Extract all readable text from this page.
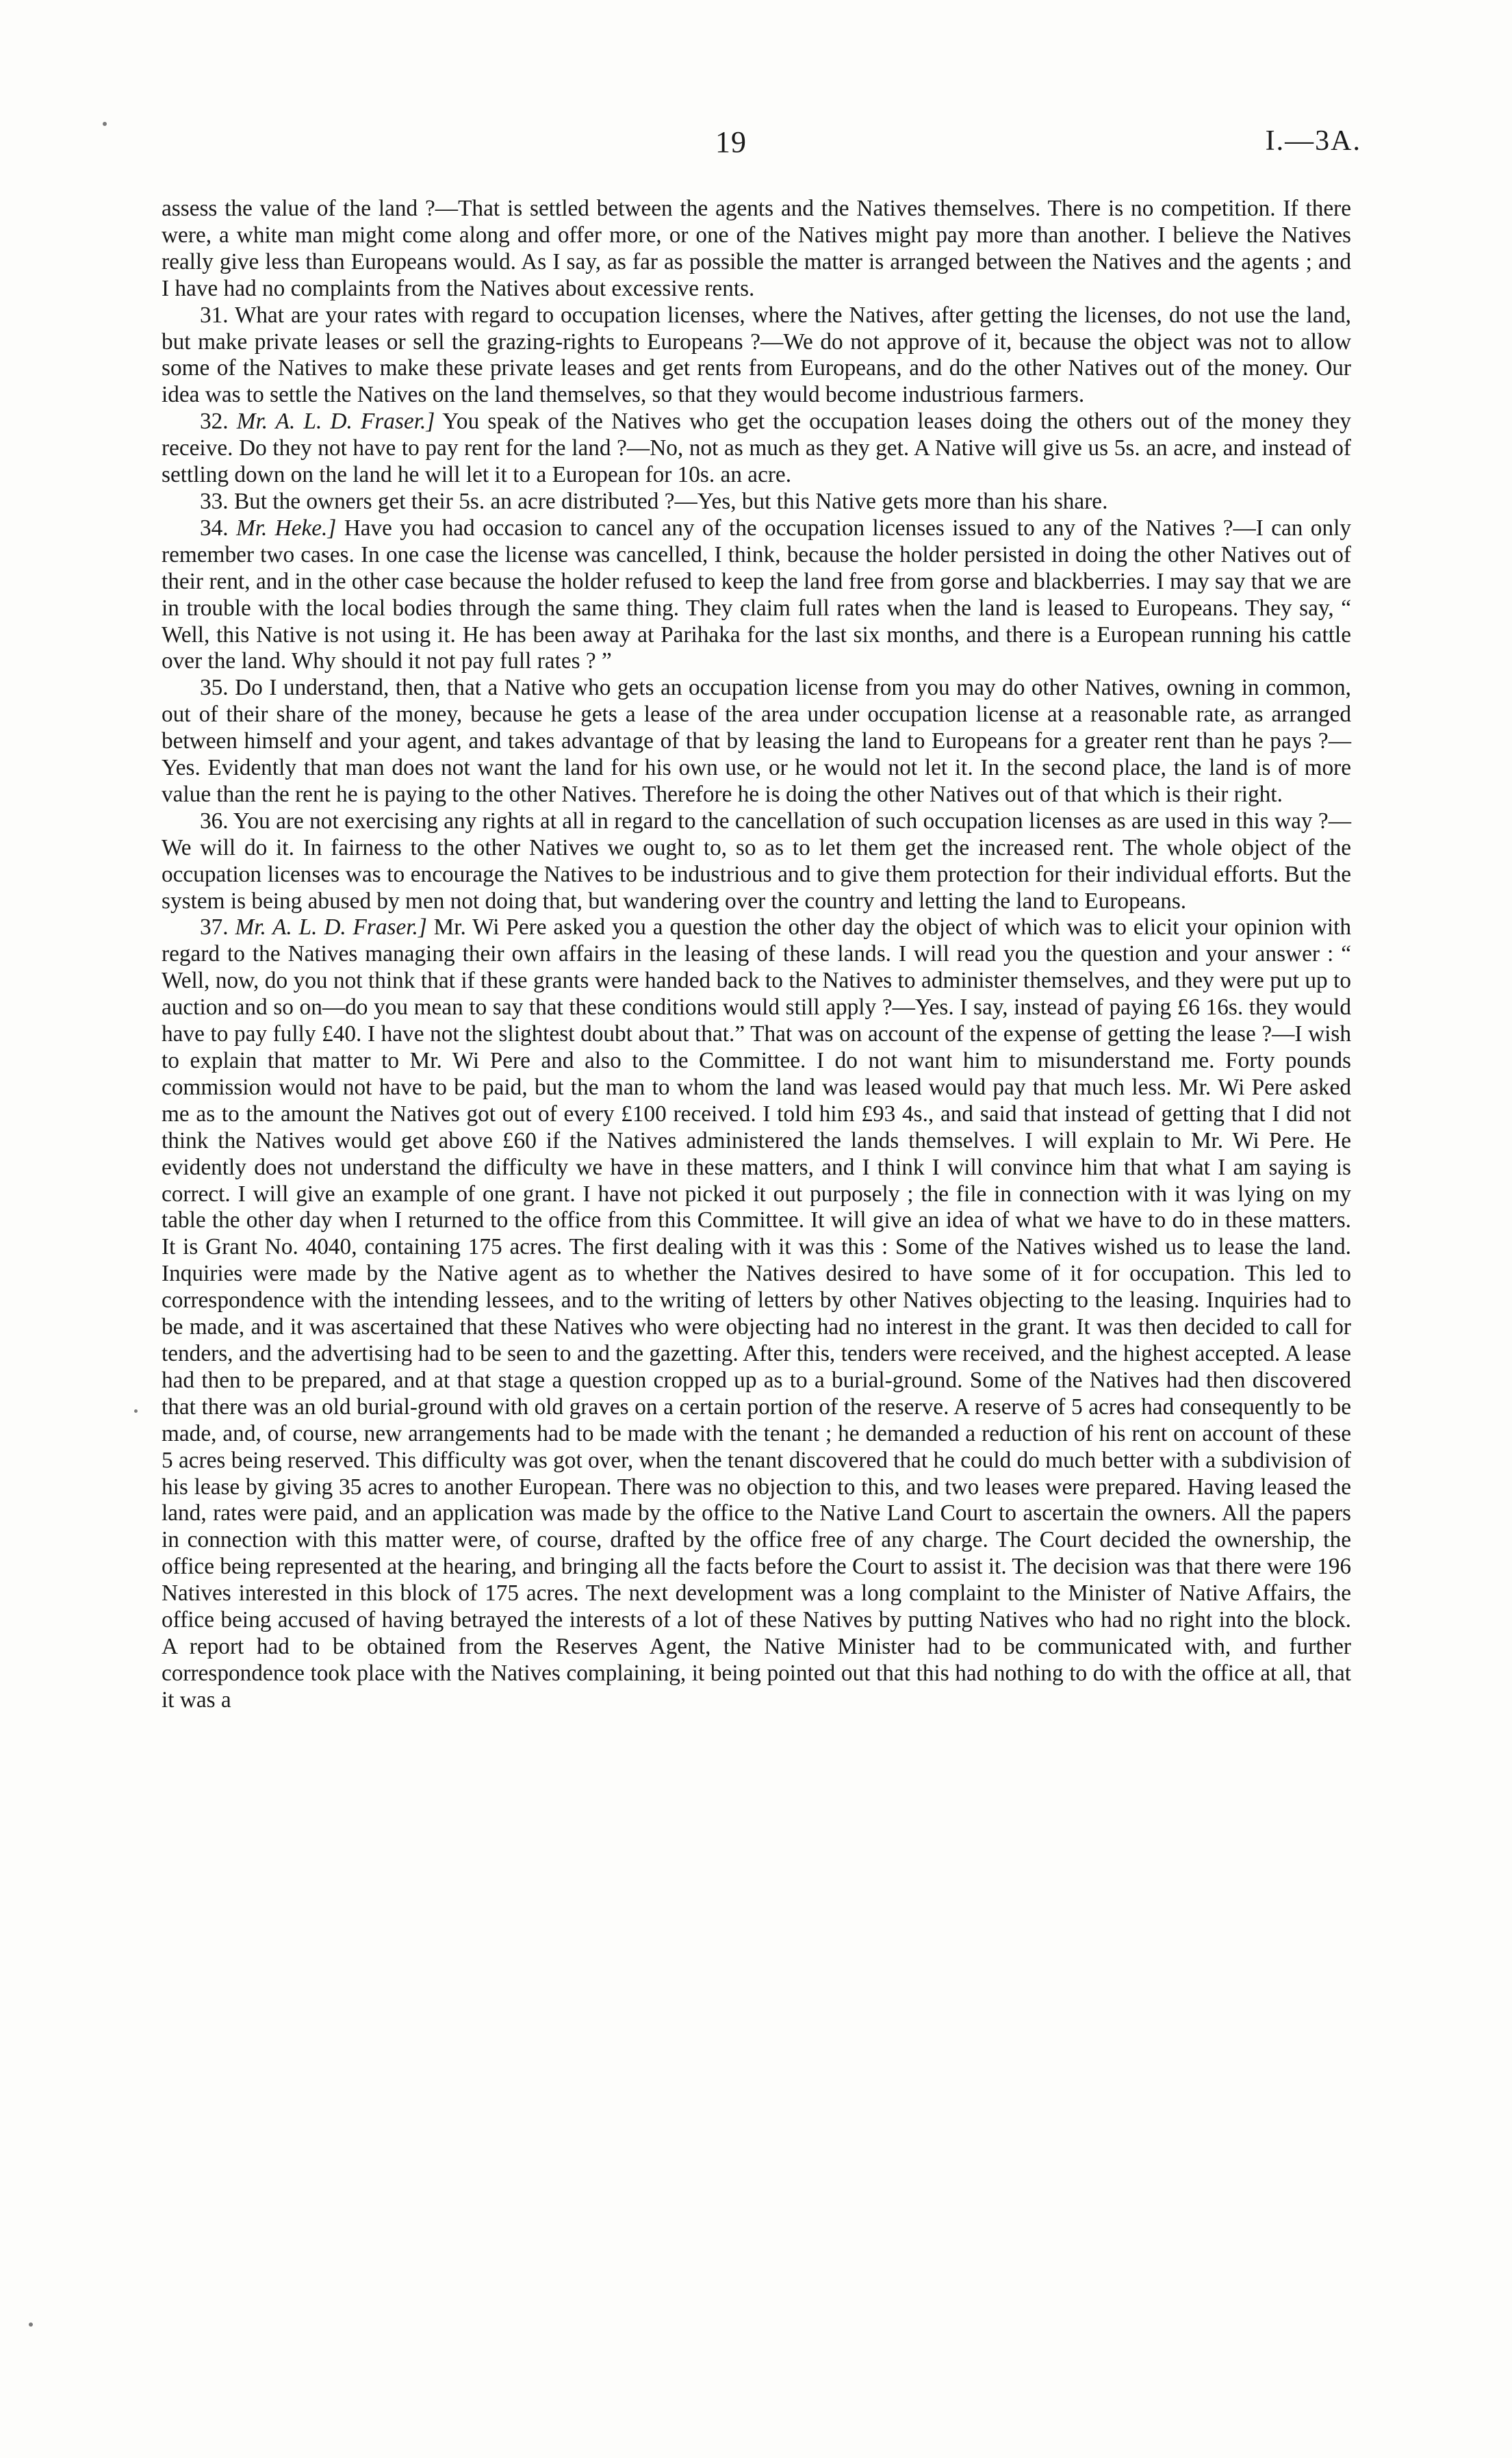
19	I.—3A.

assess the value of the land ?—That is settled between the agents and the Natives themselves. There is no competition. If there were, a white man might come along and offer more, or one of the Natives might pay more than another. I believe the Natives really give less than Europeans would. As I say, as far as possible the matter is arranged between the Natives and the agents ; and I have had no complaints from the Natives about excessive rents.

31. What are your rates with regard to occupation licenses, where the Natives, after getting the licenses, do not use the land, but make private leases or sell the grazing-rights to Europeans ?—We do not approve of it, because the object was not to allow some of the Natives to make these private leases and get rents from Europeans, and do the other Natives out of the money. Our idea was to settle the Natives on the land themselves, so that they would become industrious farmers.

32. Mr. A. L. D. Fraser.] You speak of the Natives who get the occupation leases doing the others out of the money they receive. Do they not have to pay rent for the land ?—No, not as much as they get. A Native will give us 5s. an acre, and instead of settling down on the land he will let it to a European for 10s. an acre.

33. But the owners get their 5s. an acre distributed ?—Yes, but this Native gets more than his share.

34. Mr. Heke.] Have you had occasion to cancel any of the occupation licenses issued to any of the Natives ?—I can only remember two cases. In one case the license was cancelled, I think, because the holder persisted in doing the other Natives out of their rent, and in the other case because the holder refused to keep the land free from gorse and blackberries. I may say that we are in trouble with the local bodies through the same thing. They claim full rates when the land is leased to Europeans. They say, “ Well, this Native is not using it. He has been away at Parihaka for the last six months, and there is a European running his cattle over the land. Why should it not pay full rates ? ”

35. Do I understand, then, that a Native who gets an occupation license from you may do other Natives, owning in common, out of their share of the money, because he gets a lease of the area under occupation license at a reasonable rate, as arranged between himself and your agent, and takes advantage of that by leasing the land to Europeans for a greater rent than he pays ?—Yes. Evidently that man does not want the land for his own use, or he would not let it. In the second place, the land is of more value than the rent he is paying to the other Natives. Therefore he is doing the other Natives out of that which is their right.

36. You are not exercising any rights at all in regard to the cancellation of such occupation licenses as are used in this way ?—We will do it. In fairness to the other Natives we ought to, so as to let them get the increased rent. The whole object of the occupation licenses was to encourage the Natives to be industrious and to give them protection for their individual efforts. But the system is being abused by men not doing that, but wandering over the country and letting the land to Europeans.

37. Mr. A. L. D. Fraser.] Mr. Wi Pere asked you a question the other day the object of which was to elicit your opinion with regard to the Natives managing their own affairs in the leasing of these lands. I will read you the question and your answer : “ Well, now, do you not think that if these grants were handed back to the Natives to administer themselves, and they were put up to auction and so on—do you mean to say that these conditions would still apply ?—Yes. I say, instead of paying £6 16s. they would have to pay fully £40. I have not the slightest doubt about that.” That was on account of the expense of getting the lease ?—I wish to explain that matter to Mr. Wi Pere and also to the Committee. I do not want him to misunderstand me. Forty pounds commission would not have to be paid, but the man to whom the land was leased would pay that much less. Mr. Wi Pere asked me as to the amount the Natives got out of every £100 received. I told him £93 4s., and said that instead of getting that I did not think the Natives would get above £60 if the Natives administered the lands themselves. I will explain to Mr. Wi Pere. He evidently does not understand the difficulty we have in these matters, and I think I will convince him that what I am saying is correct. I will give an example of one grant. I have not picked it out purposely ; the file in connection with it was lying on my table the other day when I returned to the office from this Committee. It will give an idea of what we have to do in these matters. It is Grant No. 4040, containing 175 acres. The first dealing with it was this : Some of the Natives wished us to lease the land. Inquiries were made by the Native agent as to whether the Natives desired to have some of it for occupation. This led to correspondence with the intending lessees, and to the writing of letters by other Natives objecting to the leasing. Inquiries had to be made, and it was ascertained that these Natives who were objecting had no interest in the grant. It was then decided to call for tenders, and the advertising had to be seen to and the gazetting. After this, tenders were received, and the highest accepted. A lease had then to be prepared, and at that stage a question cropped up as to a burial-ground. Some of the Natives had then discovered that there was an old burial-ground with old graves on a certain portion of the reserve. A reserve of 5 acres had consequently to be made, and, of course, new arrangements had to be made with the tenant ; he demanded a reduction of his rent on account of these 5 acres being reserved. This difficulty was got over, when the tenant discovered that he could do much better with a subdivision of his lease by giving 35 acres to another European. There was no objection to this, and two leases were prepared. Having leased the land, rates were paid, and an application was made by the office to the Native Land Court to ascertain the owners. All the papers in connection with this matter were, of course, drafted by the office free of any charge. The Court decided the ownership, the office being represented at the hearing, and bringing all the facts before the Court to assist it. The decision was that there were 196 Natives interested in this block of 175 acres. The next development was a long complaint to the Minister of Native Affairs, the office being accused of having betrayed the interests of a lot of these Natives by putting Natives who had no right into the block. A report had to be obtained from the Reserves Agent, the Native Minister had to be communicated with, and further correspondence took place with the Natives complaining, it being pointed out that this had nothing to do with the office at all, that it was a
